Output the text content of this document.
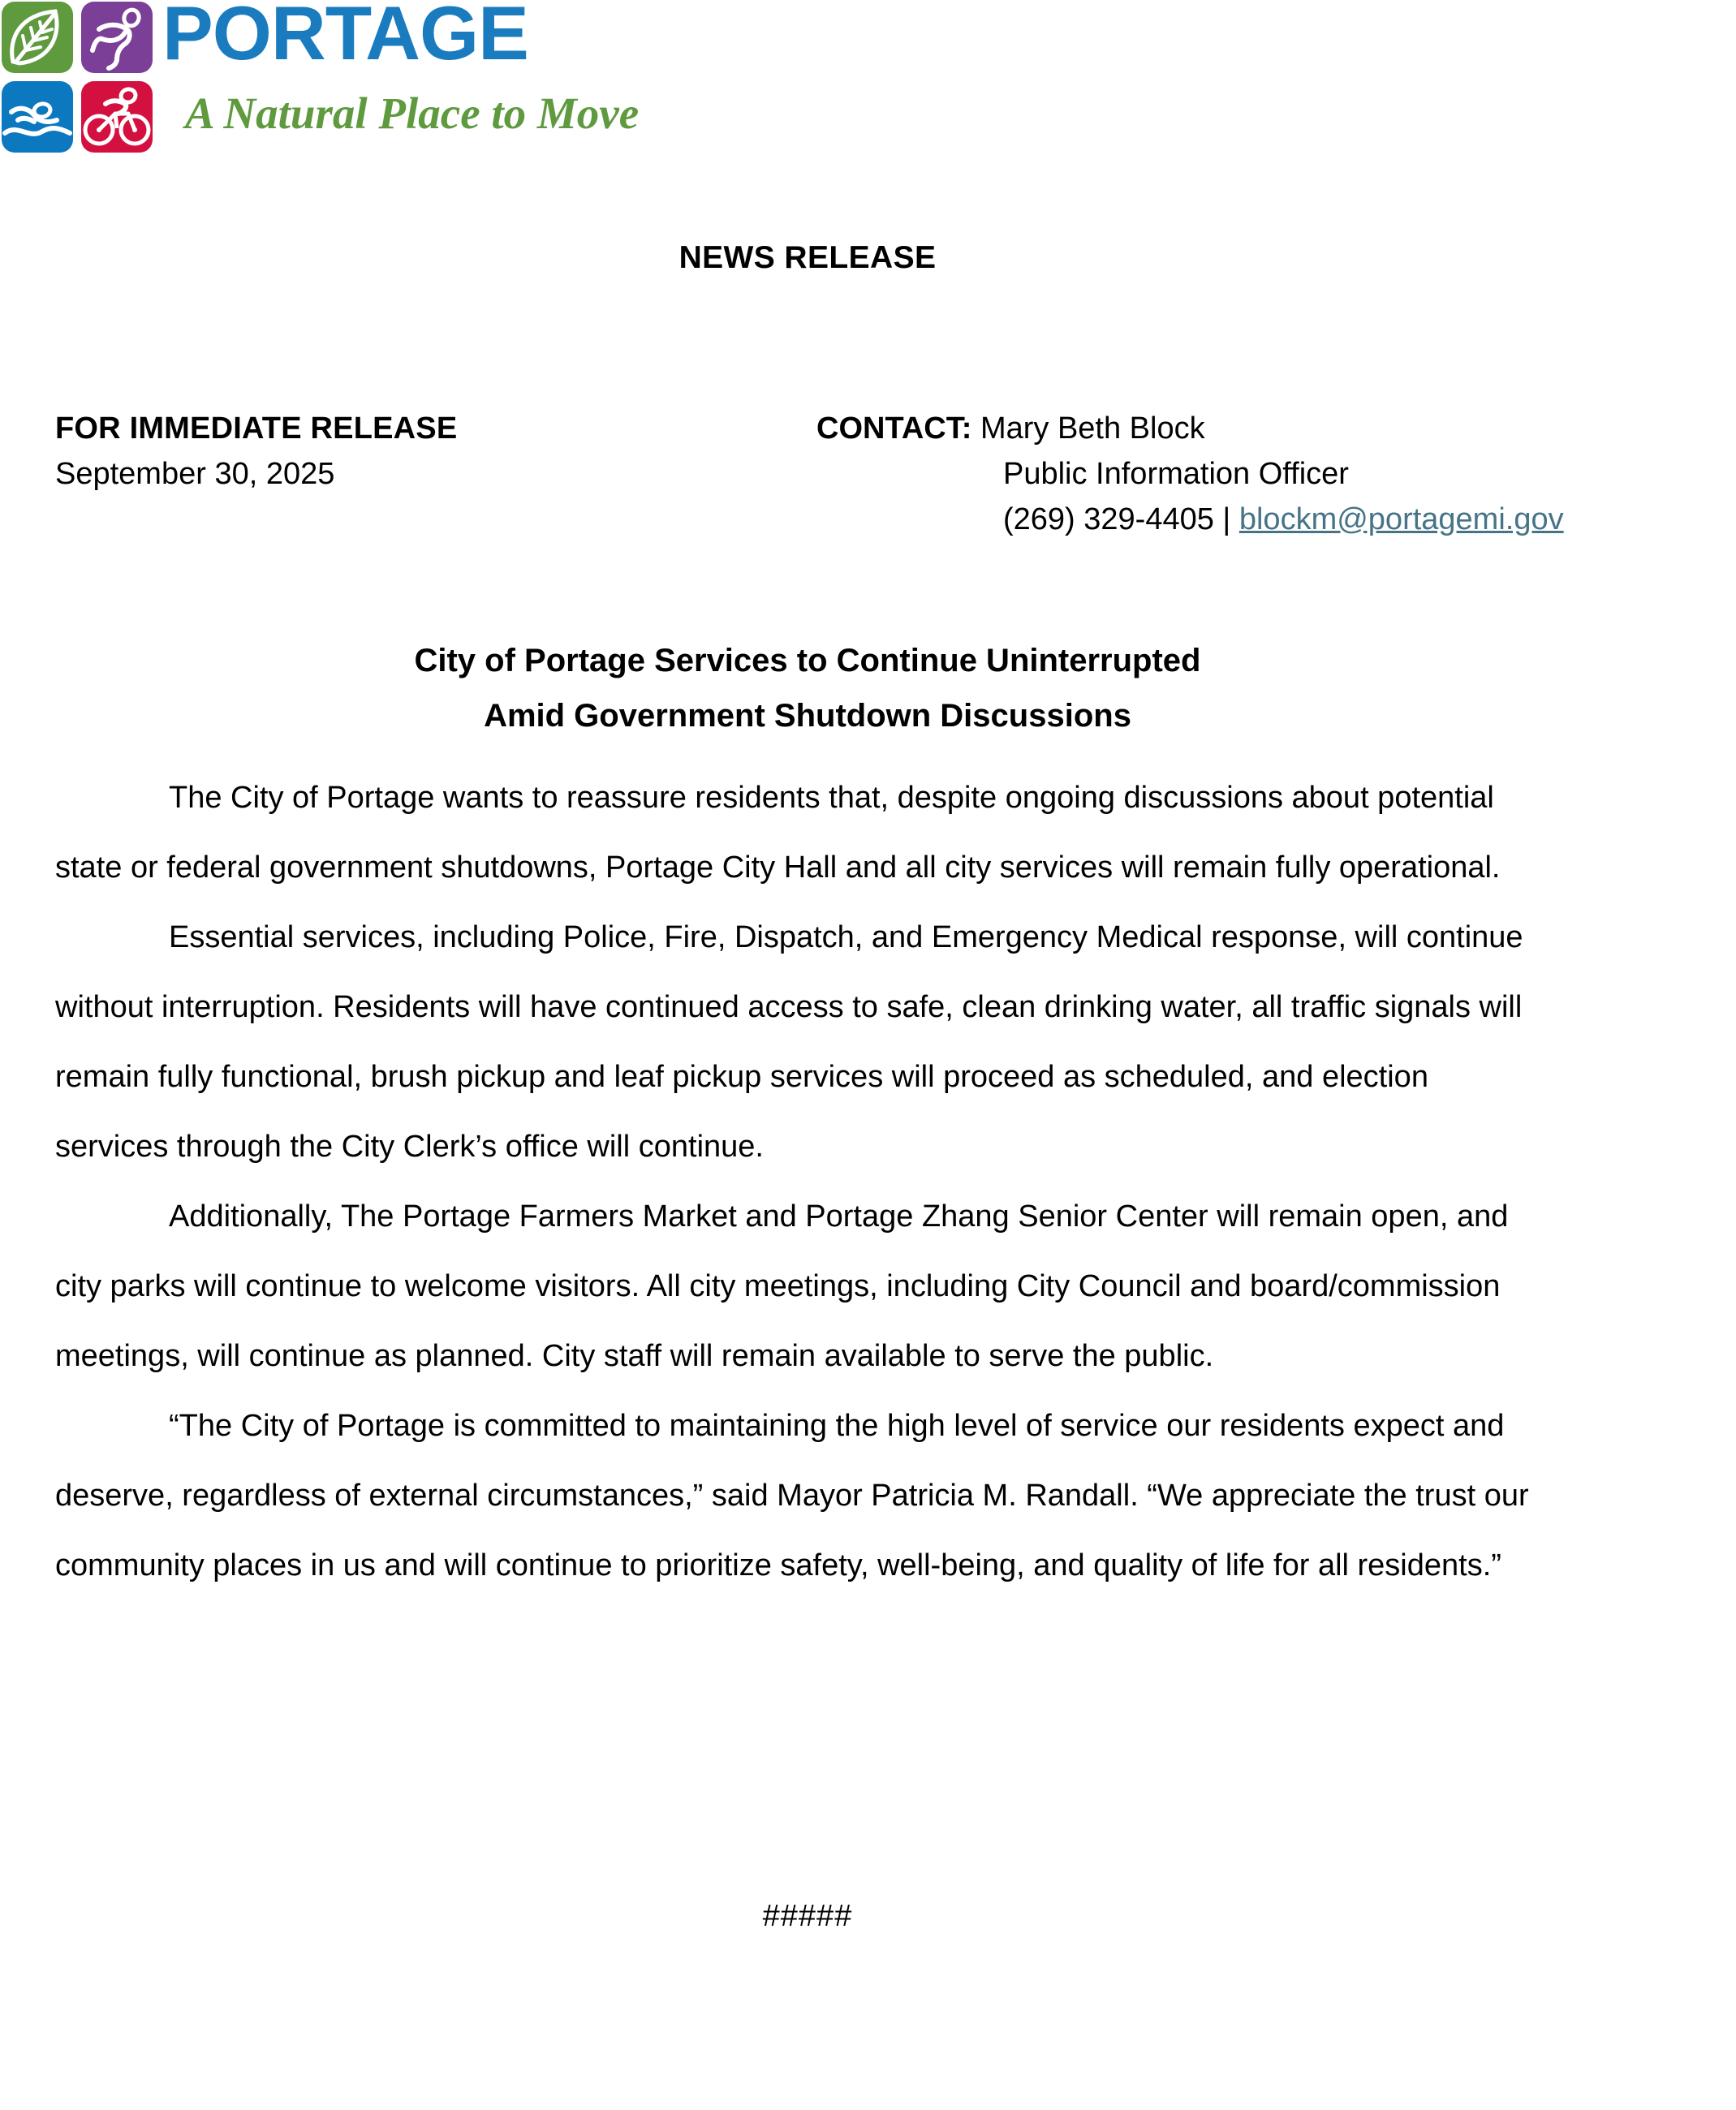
PORTAGE
A Natural Place to Move
NEWS RELEASE
FOR IMMEDIATE RELEASE
September 30, 2025
CONTACT: Mary Beth Block
Public Information Officer
(269) 329-4405 | blockm@portagemi.gov
City of Portage Services to Continue Uninterrupted
Amid Government Shutdown Discussions

The City of Portage wants to reassure residents that, despite ongoing discussions about potential state or federal government shutdowns, Portage City Hall and all city services will remain fully operational.

Essential services, including Police, Fire, Dispatch, and Emergency Medical response, will continue without interruption. Residents will have continued access to safe, clean drinking water, all traffic signals will remain fully functional, brush pickup and leaf pickup services will proceed as scheduled, and election services through the City Clerk’s office will continue.

Additionally, The Portage Farmers Market and Portage Zhang Senior Center will remain open, and city parks will continue to welcome visitors. All city meetings, including City Council and board/commission meetings, will continue as planned. City staff will remain available to serve the public.

“The City of Portage is committed to maintaining the high level of service our residents expect and deserve, regardless of external circumstances,” said Mayor Patricia M. Randall. “We appreciate the trust our community places in us and will continue to prioritize safety, well-being, and quality of life for all residents.”

#####
